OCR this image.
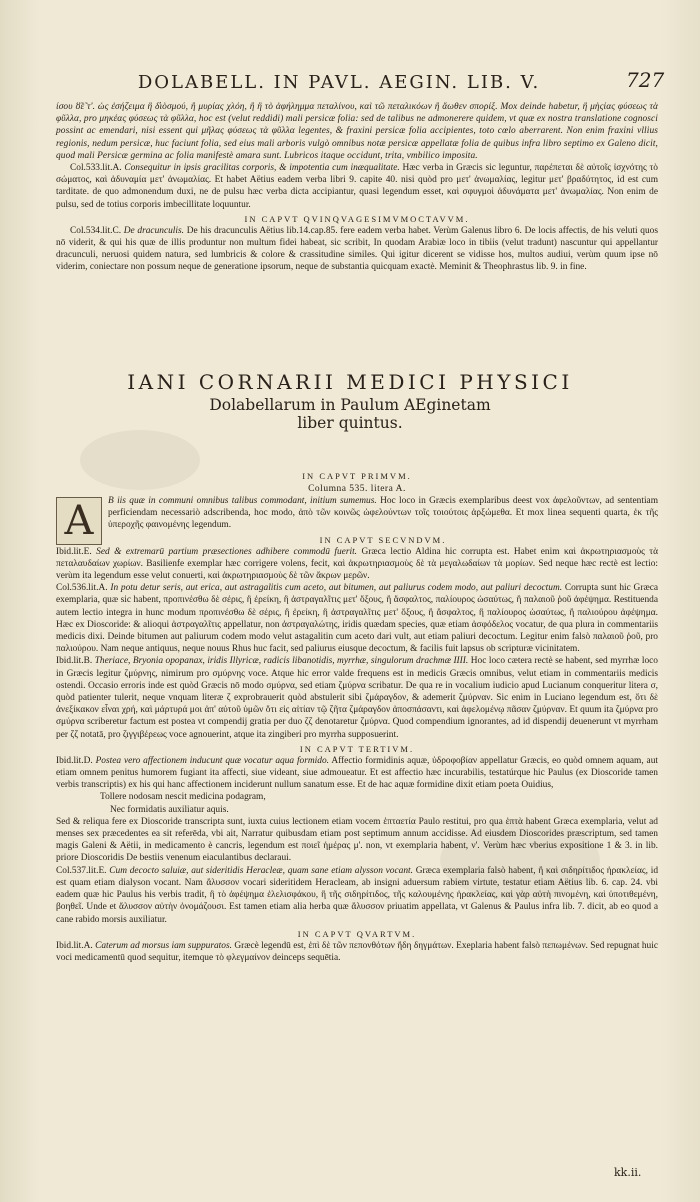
DOLABELL. IN PAVL. AEGIN. LIB. V.	727

ίσου ȣ̃ε̃ τ'. ὡς ἐσήζειμα ἢ δ̓ιὸσμού, ἢ μυρίας χλόη, ἢ ἢ τὸ ἀφήλημμα πεταλίνου, καὶ τῶ πεταλικόων ἢ ἄωθεν σπορίξ. Mox deinde habetur, ἢ μὴςίας φύσεως τὰ φῦλλα, pro μηκέας φύσεως τὰ φῦλλα, hoc est (velut reddidi) mali persicæ folia: sed de talibus ne admonerere quidem, vt quæ ex nostra translatione cognosci possint ac emendari, nisi essent qui μῆλας φύσεως τὰ φῦλλα legentes, & fraxini persicæ folia accipientes, toto cœlo aberrarent. Non enim fraxini vllius regionis, nedum persicæ, huc faciunt folia, sed eius mali arboris vulgò omnibus notæ persicæ appellatæ folia de quibus infra libro septimo ex Galeno dicit, quod mali Persicæ germina ac folia manifestè amara sunt. Lubricos itaque occidunt, trita, vmbilico imposita.

Col.533.lit.A. Consequitur in ipsis gracilitas corporis, & impotentia cum inæqualitate. Hæc verba in Græcis sic leguntur, παρέπεται δὲ αὐτοῖς ἰσχνότης τὸ σώματος, καὶ ἀδυναμία μετ' ἀνωμαλίας. Et habet Aëtius eadem verba libri 9. capite 40. nisi quòd pro μετ' ἀνωμαλίας, legitur μετ' βραδύτητος, id est cum tarditate. de quo admonendum duxi, ne de pulsu hæc verba dicta accipiantur, quasi legendum esset, καὶ σφυγμοὶ ἀδυνάματα μετ' ἀνωμαλίας. Non enim de pulsu, sed de totius corporis imbecillitate loquuntur.

IN CAPVT QVINQVAGESIMVMOCTAVVM.

Col.534.lit.C. De dracunculis. De his dracunculis Aëtius lib.14.cap.85. fere eadem verba habet. Verùm Galenus libro 6. De locis affectis, de his veluti quos nō viderit, & qui his quæ de illis produntur non multum fidei habeat, sic scribit, In quodam Arabiæ loco in tibiis (velut tradunt) nascuntur qui appellantur dracunculi, neruosi quidem natura, sed lumbricis & colore & crassitudine similes. Qui igitur dicerent se vidisse hos, multos audiui, verùm quum ipse nō viderim, coniectare non possum neque de generatione ipsorum, neque de substantia quicquam exactè. Meminit & Theophrastus lib. 9. in fine.

IANI CORNARII MEDICI PHYSICI
Dolabellarum in Paulum AEginetam
liber quintus.
IN CAPVT PRIMVM.
Columna 535. litera A.

A	B iis quæ in communi omnibus talibus commodant, initium sumemus. Hoc loco in Græcis exemplaribus deest vox ἀφελοῦντων, ad sententiam perficiendam necessariò adscribenda, hoc modo, ἀπὸ τῶν κοινῶς ὠφελούντων τοῖς τοιούτοις ἀρξώμεθα. Et mox linea sequenti quarta, ἐκ τῆς ὑπεροχῆς φαινομένης legendum.

IN CAPVT SECVNDVM.

Ibid.lit.E. Sed & extremarū partium præsectiones adhibere commodū fuerit. Græca lectio Aldina hic corrupta est. Habet enim καὶ ἀκρωτηριασμοὺς τὰ πεταλαυδαίων χωρίων. Basilienfe exemplar hæc corrigere volens, fecit, καὶ ἀκρωτηριασμοὺς δὲ τὰ μεγαλωδαίων τὰ μορίων. Sed neque hæc rectè est lectio: verùm ita legendum esse velut conuerti, καὶ ἀκρωτηριασμοὺς δὲ τῶν ἄκρων μερῶν.

Col.536.lit.A. In potu detur seris, aut erica, aut astragalitis cum aceto, aut bitumen, aut paliurus codem modo, aut paliuri decoctum. Corrupta sunt hic Græca exemplaria, quæ sic habent, προπινέσθω δὲ σέρις, ἢ ἐρείκη, ἢ ἀστραγαλῖτις μετ' ὄξους, ἢ ἄσφαλτος, παλίουρος ὡσαύτως, ἢ παλαιοῦ ῥοῦ ἀφέψημα. Restituenda autem lectio integra in hunc modum προπινέσθω δὲ σέρις, ἢ ἐρείκη, ἢ ἀστραγαλῖτις μετ' ὄξους, ἢ ἄσφαλτος, ἢ παλίουρος ὡσαύτως, ἢ παλιούρου ἀφέψημα. Hæc ex Dioscoride: & alioqui ἀστραγαλῖτις appellatur, non ἀστραγαλώτης, iridis quædam species, quæ etiam ἀσφόδελος vocatur, de qua plura in commentariis medicis dixi. Deinde bitumen aut paliurum codem modo velut astagalitin cum aceto dari vult, aut etiam paliuri decoctum. Legitur enim falsò παλαιοῦ ῥοῦ, pro παλιούρου. Nam neque antiquus, neque nouus Rhus huc facit, sed paliurus eiusque decoctum, & facilis fuit lapsus ob scripturæ vicinitatem.

Ibid.lit.B. Theriace, Bryonia opopanax, iridis Illyricæ, radicis libanotidis, myrrhæ, singulorum drachmæ IIII. Hoc loco cætera rectè se habent, sed myrrhæ loco in Græcis legitur ζμύρνης, nimirum pro σμύρνης voce. Atque hic error valde frequens est in medicis Græcis omnibus, velut etiam in commentariis medicis ostendi. Occasio erroris inde est quòd Græcis nō modo σμύρνα, sed etiam ζμύρνα scribatur. De qua re in vocalium iudicio apud Lucianum conqueritur litera σ, quòd patienter tulerit, neque vnquam literæ ζ exprobrauerit quòd abstulerit sibi ζμάραγδον, & ademerit ζμύρναν. Sic enim in Luciano legendum est, ὅτι δὲ ἀνεξίκακον εἶναι χρή, καὶ μάρτυρά μοι ἀπ' αὐτοῦ ὑμῶν ὅτι εἰς αἰτίαν τῷ ζῆτα ζμάραγδον ἀποσπάσαντι, καὶ ἀφελομένῳ πᾶσαν ζμύρναν. Et quum ita ζμύρνα pro σμύρνα scriberetur factum est postea vt compendij gratia per duo ζζ denotaretur ζμύρνα. Quod compendium ignorantes, ad id dispendij deuenerunt vt myrrham per ζζ notatā, pro ζιγγιβέρεως voce agnouerint, atque ita zingiberi pro myrrha supposuerint.

IN CAPVT TERTIVM.

Ibid.lit.D. Postea vero affectionem inducunt quæ vocatur aqua formido. Affectio formidinis aquæ, ὑδροφοβίαν appellatur Græcis, eo quòd omnem aquam, aut etiam omnem penitus humorem fugiant ita affecti, siue videant, siue admoueatur. Et est affectio hæc incurabilis, testatúrque hic Paulus (ex Dioscoride tamen verbis transcriptis) ex his qui hanc affectionem inciderunt nullum sanatum esse. Et de hac aquæ formidine dixit etiam poeta Ouidius,

Tollere nodosam nescit medicina podagram,

Nec formidatis auxiliatur aquis.

Sed & reliqua fere ex Dioscoride transcripta sunt, iuxta cuius lectionem etiam vocem ἑπταετία Paulo restitui, pro qua ἑπτὰ habent Græca exemplaria, velut ad menses sex præcedentes ea sit referēda, vbi ait, Narratur quibusdam etiam post septimum annum accidisse. Ad eiusdem Dioscorides præscriptum, sed tamen magis Galeni & Aëtii, in medicamento è cancris, legendum est ποιεῖ ἡμέρας μ'. non, vt exemplaria habent, ν'. Verùm hæc vberius expositione 1 & 3. in lib. priore Dioscoridis De bestiis venenum eiaculantibus declaraui.

Col.537.lit.E. Cum decocto saluiæ, aut sideritidis Heracleæ, quam sane etiam alysson vocant. Græca exemplaria falsò habent, ἢ καὶ σιδηρίτιδος ἡρακλείας, id est quam etiam dialyson vocant. Nam ἄλυσσον vocari sideritidem Heracleam, ab insigni aduersum rabiem virtute, testatur etiam Aëtius lib. 6. cap. 24. vbi eadem quæ hic Paulus his verbis tradit, ἢ τὸ ἀφέψημα ἐλελισφάκου, ἢ τῆς σιδηρίτιδος, τῆς καλουμένης ἡρακλείας, καὶ γὰρ αὐτὴ πινομένη, καὶ ὑποτιθεμένη, βοηθεῖ. Unde et ἄλυσσον αὐτὴν ὀνομάζουσι. Est tamen etiam alia herba quæ ἄλυσσον priuatim appellata, vt Galenus & Paulus infra lib. 7. dicit, ab eo quod a cane rabido morsis auxiliatur.

IN CAPVT QVARTVM.

Ibid.lit.A. Caterum ad morsus iam suppuratos. Græcè legendū est, ἐπὶ δὲ τῶν πεπονθότων ἤδη δηγμάτων. Exeplaria habent falsò πεπωμένων. Sed repugnat huic voci medicamentū quod sequitur, itemque τὸ φλεγμαίνον deinceps sequētia.

kk.ii.
